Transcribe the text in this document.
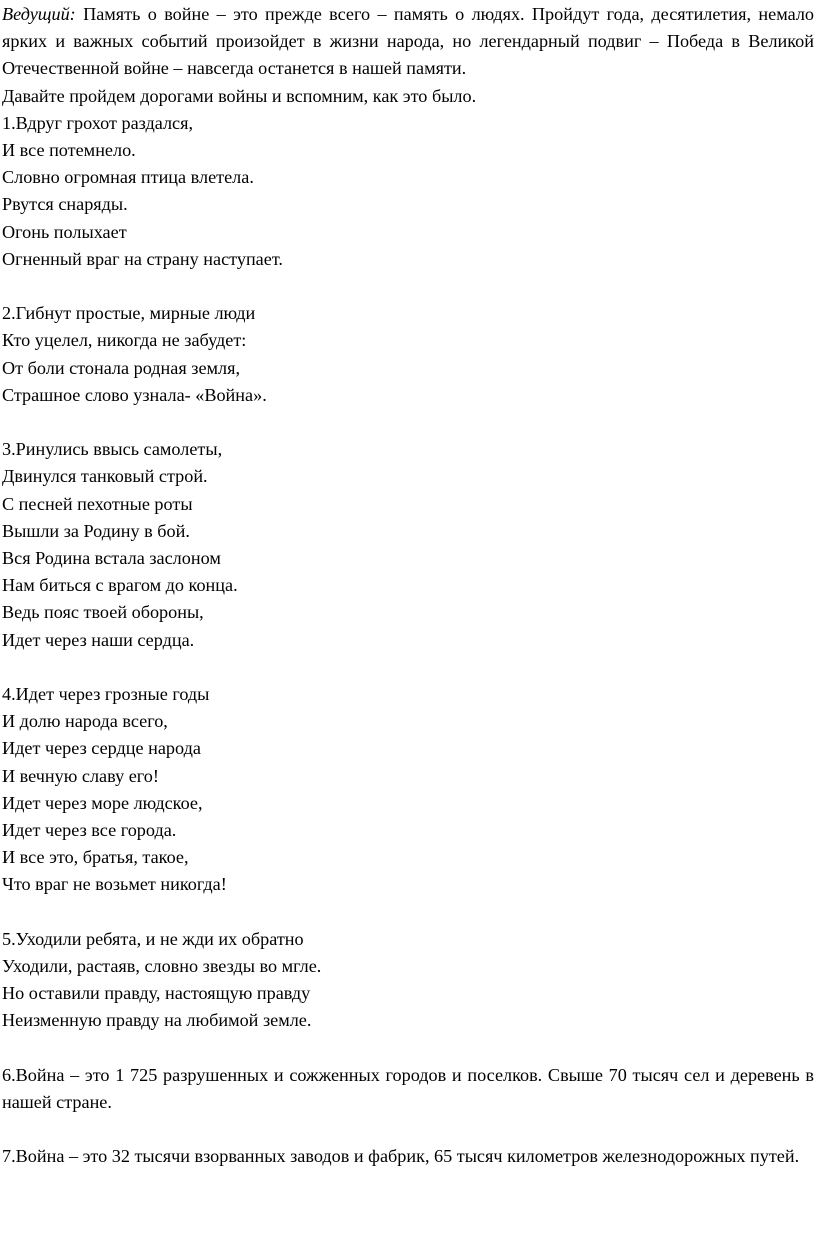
Ведущий: Память о войне – это прежде всего – память о людях. Пройдут года, десятилетия, немало ярких и важных событий произойдет в жизни народа, но легендарный подвиг – Победа в Великой Отечественной войне – навсегда останется в нашей памяти.

Давайте пройдем дорогами войны и вспомним, как это было.

1.Вдруг грохот раздался,
И все потемнело.
Словно огромная птица влетела.
Рвутся снаряды.
Огонь полыхает
Огненный враг на страну наступает.
2.Гибнут простые, мирные люди
Кто уцелел, никогда не забудет:
От боли стонала родная земля,
Страшное слово узнала- «Война».
3.Ринулись ввысь самолеты,
Двинулся танковый строй.
С песней пехотные роты
Вышли за Родину в бой.
Вся Родина встала заслоном
Нам биться с врагом до конца.
Ведь пояс твоей обороны,
Идет через наши сердца.
4.Идет через грозные годы
И долю народа всего,
Идет через сердце народа
И вечную славу его!
Идет через море людское,
Идет через все города.
И все это, братья, такое,
Что враг не возьмет никогда!
5.Уходили ребята, и не жди их обратно
Уходили, растаяв, словно звезды во мгле.
Но оставили правду, настоящую правду
Неизменную правду на любимой земле.

6.Война – это 1 725 разрушенных и сожженных городов и поселков. Свыше 70 тысяч сел и деревень в нашей стране.

7.Война – это 32 тысячи взорванных заводов и фабрик, 65 тысяч километров железнодорожных путей.
